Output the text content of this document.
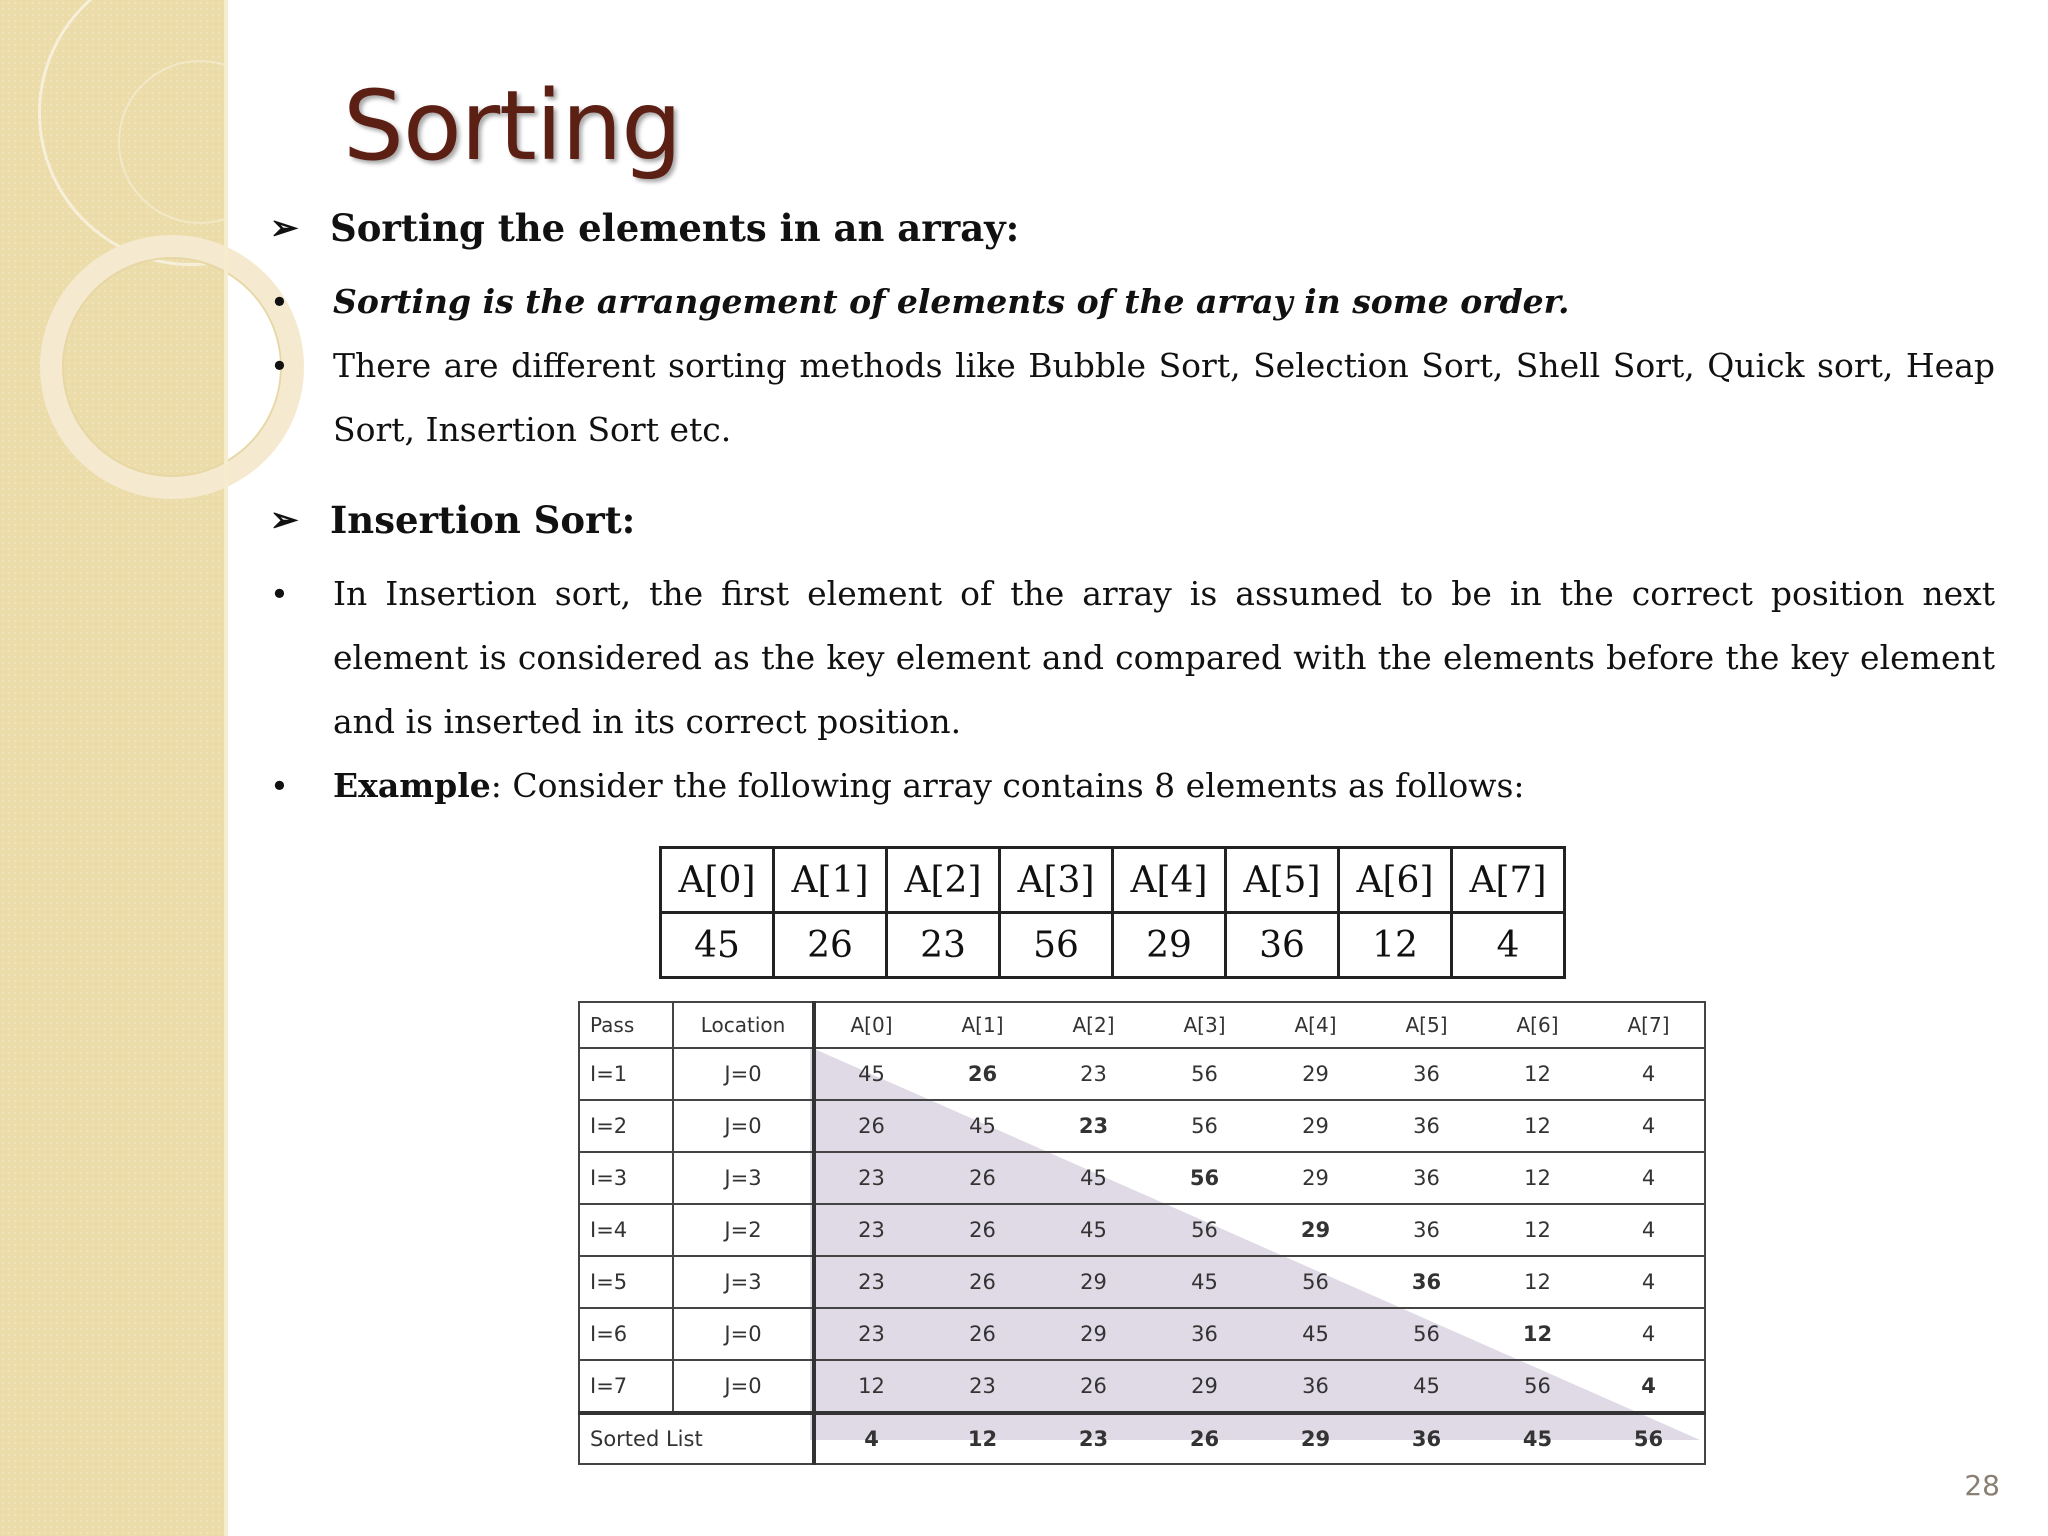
Sorting
➢ Sorting the elements in an array:
•	Sorting is the arrangement of elements of the array in some order.
•	There are different sorting methods like Bubble Sort, Selection Sort, Shell Sort, Quick sort, Heap Sort, Insertion Sort etc.
➢ Insertion Sort:
•	In Insertion sort, the first element of the array is assumed to be in the correct position next element is considered as the key element and compared with the elements before the key element and is inserted in its correct position.
•	Example: Consider the following array contains 8 elements as follows:
A[0]	A[1]	A[2]	A[3]	A[4]	A[5]	A[6]	A[7]
45	26	23	56	29	36	12	4
Pass	Location	A[0]	A[1]	A[2]	A[3]	A[4]	A[5]	A[6]	A[7]
I=1	J=0	45	26	23	56	29	36	12	4
I=2	J=0	26	45	23	56	29	36	12	4
I=3	J=3	23	26	45	56	29	36	12	4
I=4	J=2	23	26	45	56	29	36	12	4
I=5	J=3	23	26	29	45	56	36	12	4
I=6	J=0	23	26	29	36	45	56	12	4
I=7	J=0	12	23	26	29	36	45	56	4
Sorted List		4	12	23	26	29	36	45	56
28
